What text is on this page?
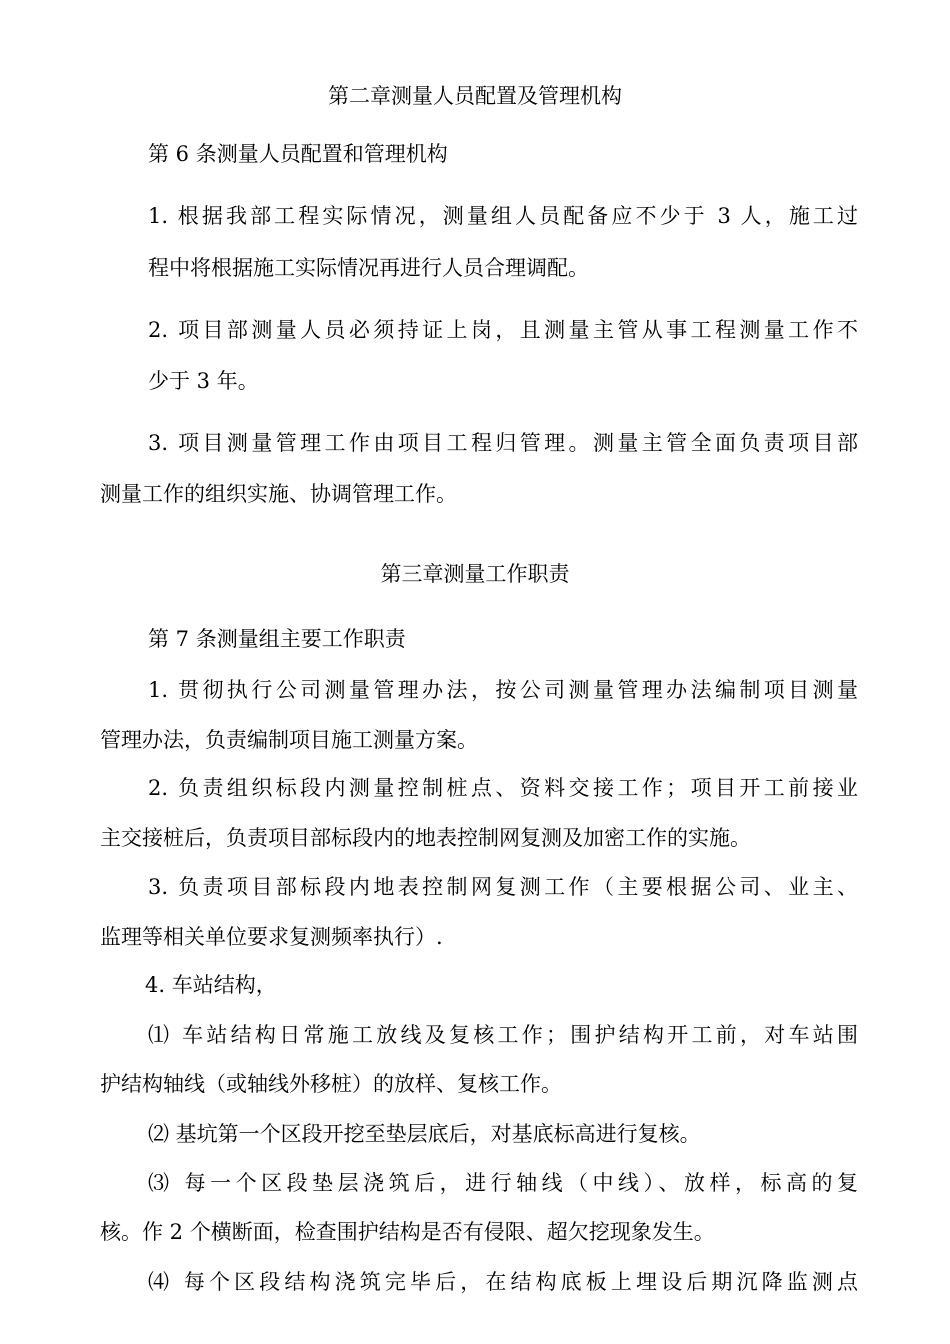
第二章测量人员配置及管理机构
第 6 条测量人员配置和管理机构
1. 根据我部工程实际情况，测量组人员配备应不少于 3 人，施工过
程中将根据施工实际情况再进行人员合理调配。
2. 项目部测量人员必须持证上岗，且测量主管从事工程测量工作不
少于 3 年。
3. 项目测量管理工作由项目工程归管理。测量主管全面负责项目部
测量工作的组织实施、协调管理工作。
第三章测量工作职责
第 7 条测量组主要工作职责
1. 贯彻执行公司测量管理办法，按公司测量管理办法编制项目测量
管理办法，负责编制项目施工测量方案。
2. 负责组织标段内测量控制桩点、资料交接工作；项目开工前接业
主交接桩后，负责项目部标段内的地表控制网复测及加密工作的实施。
3. 负责项目部标段内地表控制网复测工作（主要根据公司、业主、
监理等相关单位要求复测频率执行）.
4. 车站结构，
⑴ 车站结构日常施工放线及复核工作；围护结构开工前，对车站围
护结构轴线（或轴线外移桩）的放样、复核工作。
⑵ 基坑第一个区段开挖至垫层底后，对基底标高进行复核。
⑶ 每一个区段垫层浇筑后，进行轴线（中线）、放样，标高的复
核。作 2 个横断面，检查围护结构是否有侵限、超欠挖现象发生。
⑷ 每个区段结构浇筑完毕后，在结构底板上埋设后期沉降监测点
